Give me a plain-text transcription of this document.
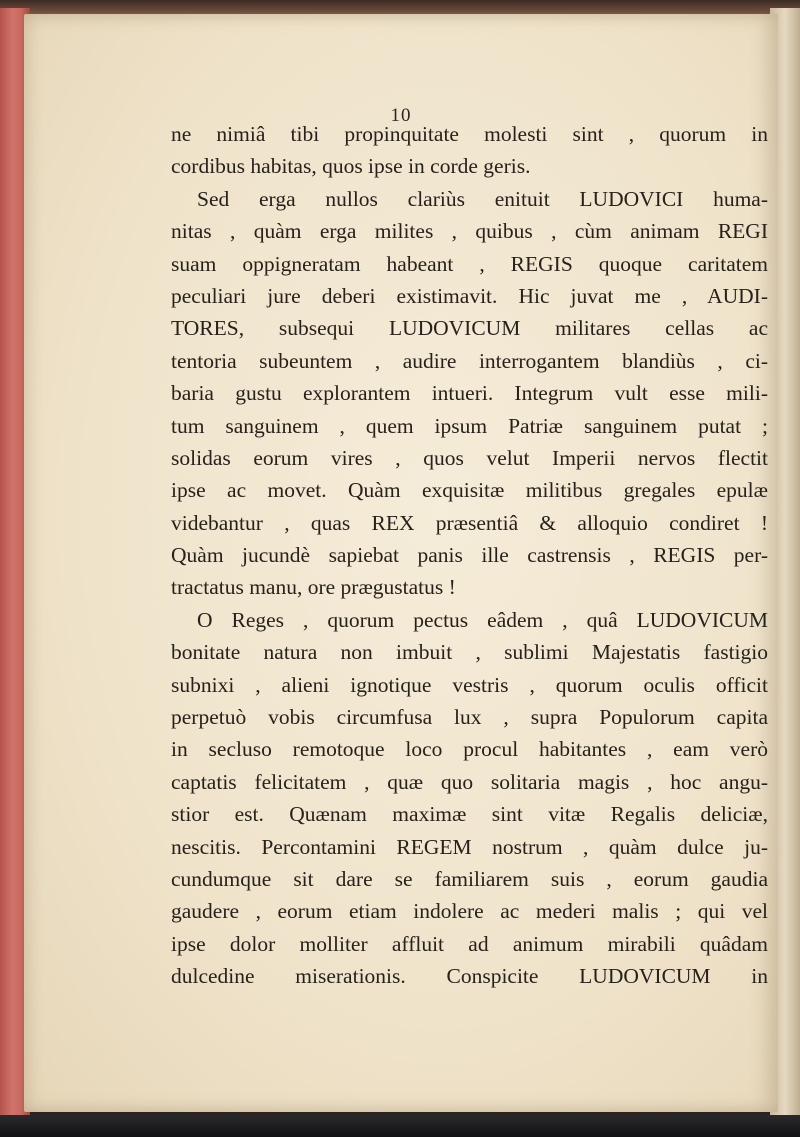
10
ne nimiâ tibi propinquitate molesti sint , quorum in
cordibus habitas, quos ipse in corde geris.
Sed erga nullos clariùs enituit LUDOVICI huma-
nitas , quàm erga milites , quibus , cùm animam REGI
suam oppigneratam habeant , REGIS quoque caritatem
peculiari jure deberi existimavit. Hic juvat me , AUDI-
TORES, subsequi LUDOVICUM militares cellas ac
tentoria subeuntem , audire interrogantem blandiùs , ci-
baria gustu explorantem intueri. Integrum vult esse mili-
tum sanguinem , quem ipsum Patriæ sanguinem putat ;
solidas eorum vires , quos velut Imperii nervos flectit
ipse ac movet. Quàm exquisitæ militibus gregales epulæ
videbantur , quas REX præsentiâ & alloquio condiret !
Quàm jucundè sapiebat panis ille castrensis , REGIS per-
tractatus manu, ore prægustatus !
O Reges , quorum pectus eâdem , quâ LUDOVICUM
bonitate natura non imbuit , sublimi Majestatis fastigio
subnixi , alieni ignotique vestris , quorum oculis officit
perpetuò vobis circumfusa lux , supra Populorum capita
in secluso remotoque loco procul habitantes , eam verò
captatis felicitatem , quæ quo solitaria magis , hoc angu-
stior est. Quænam maximæ sint vitæ Regalis deliciæ,
nescitis. Percontamini REGEM nostrum , quàm dulce ju-
cundumque sit dare se familiarem suis , eorum gaudia
gaudere , eorum etiam indolere ac mederi malis ; qui vel
ipse dolor molliter affluit ad animum mirabili quâdam
dulcedine miserationis. Conspicite LUDOVICUM in
